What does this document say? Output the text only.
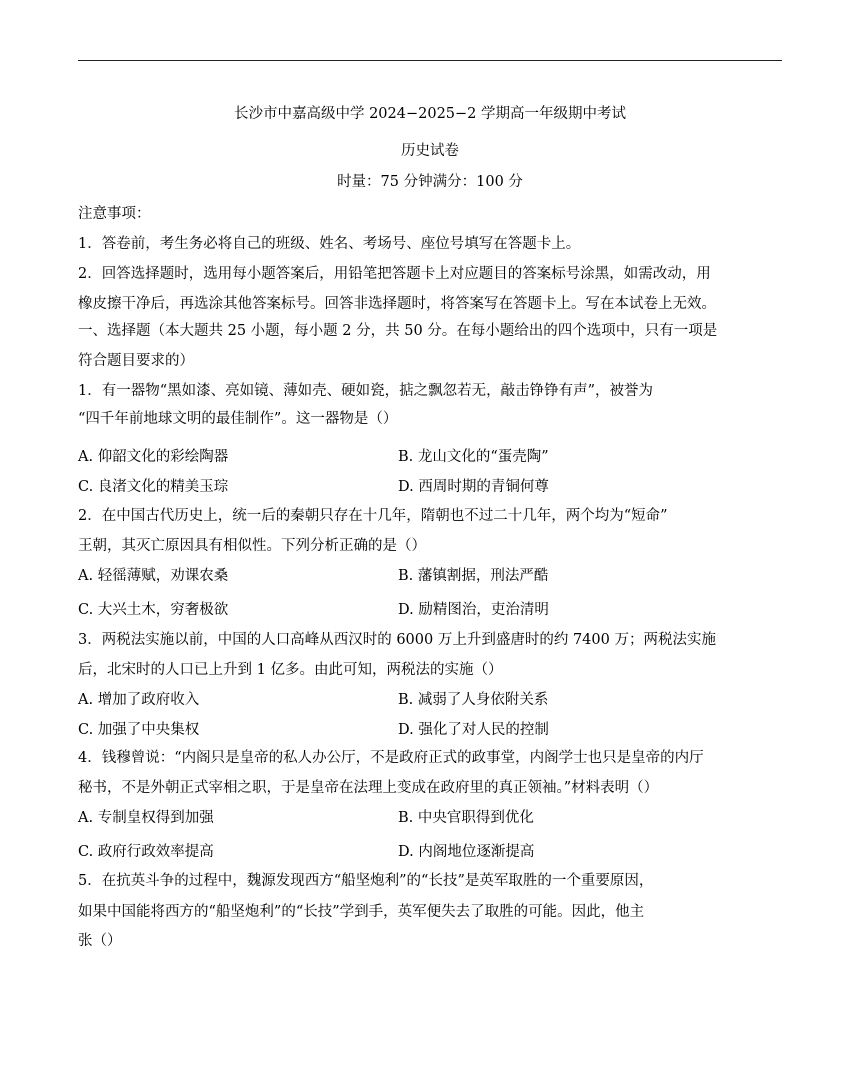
长沙市中嘉高级中学 2024−2025−2 学期高一年级期中考试
历史试卷
时量：75 分钟满分：100 分
注意事项：
1．答卷前，考生务必将自己的班级、姓名、考场号、座位号填写在答题卡上。
2．回答选择题时，选用每小题答案后，用铅笔把答题卡上对应题目的答案标号涂黑，如需改动，用
橡皮擦干净后，再选涂其他答案标号。回答非选择题时，将答案写在答题卡上。写在本试卷上无效。
一、选择题（本大题共 25 小题，每小题 2 分，共 50 分。在每小题给出的四个选项中，只有一项是
符合题目要求的）
1．有一器物“黑如漆、亮如镜、薄如壳、硬如瓷，掂之飘忽若无，敲击铮铮有声”，被誉为
“四千年前地球文明的最佳制作”。这一器物是（）
A. 仰韶文化的彩绘陶器	B. 龙山文化的“蛋壳陶”
C. 良渚文化的精美玉琮	D. 西周时期的青铜何尊
2．在中国古代历史上，统一后的秦朝只存在十几年，隋朝也不过二十几年，两个均为“短命”
王朝，其灭亡原因具有相似性。下列分析正确的是（）
A. 轻徭薄赋，劝课农桑	B. 藩镇割据，刑法严酷
C. 大兴土木，穷奢极欲	D. 励精图治，吏治清明
3．两税法实施以前，中国的人口高峰从西汉时的 6000 万上升到盛唐时的约 7400 万；两税法实施
后，北宋时的人口已上升到 1 亿多。由此可知，两税法的实施（）
A. 增加了政府收入	B. 减弱了人身依附关系
C. 加强了中央集权	D. 强化了对人民的控制
4．钱穆曾说：“内阁只是皇帝的私人办公厅，不是政府正式的政事堂，内阁学士也只是皇帝的内厅
秘书，不是外朝正式宰相之职，于是皇帝在法理上变成在政府里的真正领袖。”材料表明（）
A. 专制皇权得到加强	B. 中央官职得到优化
C. 政府行政效率提高	D. 内阁地位逐渐提高
5．在抗英斗争的过程中，魏源发现西方“船坚炮利”的“长技”是英军取胜的一个重要原因，
如果中国能将西方的“船坚炮利”的“长技”学到手，英军便失去了取胜的可能。因此，他主
张（）
